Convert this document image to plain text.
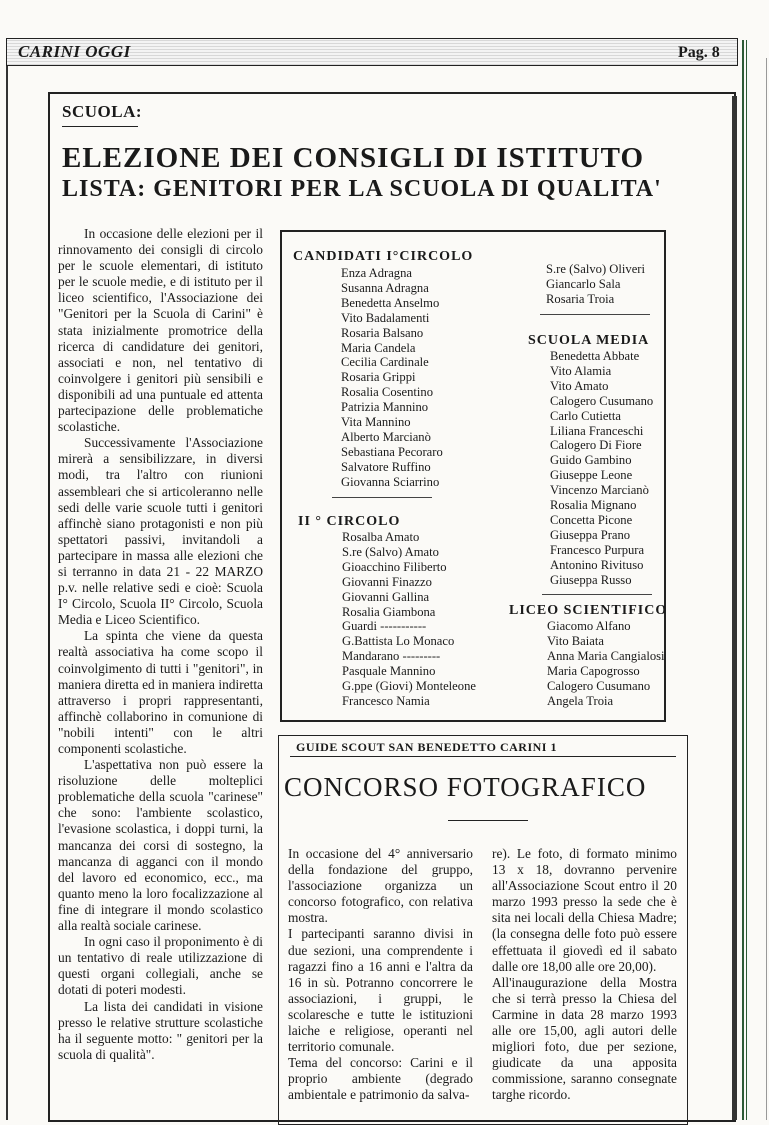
CARINI OGGI	Pag. 8
SCUOLA:
ELEZIONE DEI CONSIGLI DI ISTITUTO
LISTA: GENITORI PER LA SCUOLA DI QUALITA'

In occasione delle elezioni per il rinnovamento dei consigli di circolo per le scuole elementari, di istituto per le scuole medie, e di istituto per il liceo scientifico, l'Associazione dei "Genitori per la Scuola di Carini" è stata inizialmente promotrice della ricerca di candidature dei genitori, associati e non, nel tentativo di coinvolgere i genitori più sensibili e disponibili ad una puntuale ed attenta partecipazione delle problematiche scolastiche.

Successivamente l'Associazione mirerà a sensibilizzare, in diversi modi, tra l'altro con riunioni assembleari che si articoleranno nelle sedi delle varie scuole tutti i genitori affinchè siano protagonisti e non più spettatori passivi, invitandoli a partecipare in massa alle elezioni che si terranno in data 21 - 22 MARZO p.v. nelle relative sedi e cioè: Scuola I° Circolo, Scuola II° Circolo, Scuola Media e Liceo Scientifico.

La spinta che viene da questa realtà associativa ha come scopo il coinvolgimento di tutti i "genitori", in maniera diretta ed in maniera indiretta attraverso i propri rappresentanti, affinchè collaborino in comunione di "nobili intenti" con le altri componenti scolastiche.

L'aspettativa non può essere la risoluzione delle molteplici problematiche della scuola "carinese" che sono: l'ambiente scolastico, l'evasione scolastica, i doppi turni, la mancanza dei corsi di sostegno, la mancanza di agganci con il mondo del lavoro ed economico, ecc., ma quanto meno la loro focalizzazione al fine di integrare il mondo scolastico alla realtà sociale carinese.

In ogni caso il proponimento è di un tentativo di reale utilizzazione di questi organi collegiali, anche se dotati di poteri modesti.

La lista dei candidati in visione presso le relative strutture scolastiche ha il seguente motto: " genitori per la scuola di qualità".

CANDIDATI I°CIRCOLO
Enza Adragna
Susanna Adragna
Benedetta Anselmo
Vito Badalamenti
Rosaria Balsano
Maria Candela
Cecilia Cardinale
Rosaria Grippi
Rosalia Cosentino
Patrizia Mannino
Vita Mannino
Alberto Marcianò
Sebastiana Pecoraro
Salvatore Ruffino
Giovanna Sciarrino
II ° CIRCOLO
Rosalba Amato
S.re (Salvo) Amato
Gioacchino Filiberto
Giovanni Finazzo
Giovanni Gallina
Rosalia Giambona
Guardi -----------
G.Battista Lo Monaco
Mandarano ---------
Pasquale Mannino
G.ppe (Giovi) Monteleone
Francesco Namia
S.re (Salvo) Oliveri
Giancarlo Sala
Rosaria Troia
SCUOLA MEDIA
Benedetta Abbate
Vito Alamia
Vito Amato
Calogero Cusumano
Carlo Cutietta
Liliana Franceschi
Calogero Di Fiore
Guido Gambino
Giuseppe Leone
Vincenzo Marcianò
Rosalia Mignano
Concetta Picone
Giuseppa Prano
Francesco Purpura
Antonino Rivituso
Giuseppa Russo
LICEO SCIENTIFICO
Giacomo Alfano
Vito Baiata
Anna Maria Cangialosi
Maria Capogrosso
Calogero Cusumano
Angela Troia
GUIDE SCOUT SAN BENEDETTO CARINI 1
CONCORSO FOTOGRAFICO

In occasione del 4° anniversario della fondazione del gruppo, l'associazione organizza un concorso fotografico, con relativa mostra.

I partecipanti saranno divisi in due sezioni, una comprendente i ragazzi fino a 16 anni e l'altra da 16 in sù. Potranno concorrere le associazioni, i gruppi, le scolaresche e tutte le istituzioni laiche e religiose, operanti nel territorio comunale.

Tema del concorso: Carini e il proprio ambiente (degrado ambientale e patrimonio da salva-

re). Le foto, di formato minimo 13 x 18, dovranno pervenire all'Associazione Scout entro il 20 marzo 1993 presso la sede che è sita nei locali della Chiesa Madre; (la consegna delle foto può essere effettuata il giovedì ed il sabato dalle ore 18,00 alle ore 20,00).

All'inaugurazione della Mostra che si terrà presso la Chiesa del Carmine in data 28 marzo 1993 alle ore 15,00, agli autori delle migliori foto, due per sezione, giudicate da una apposita commissione, saranno consegnate targhe ricordo.
